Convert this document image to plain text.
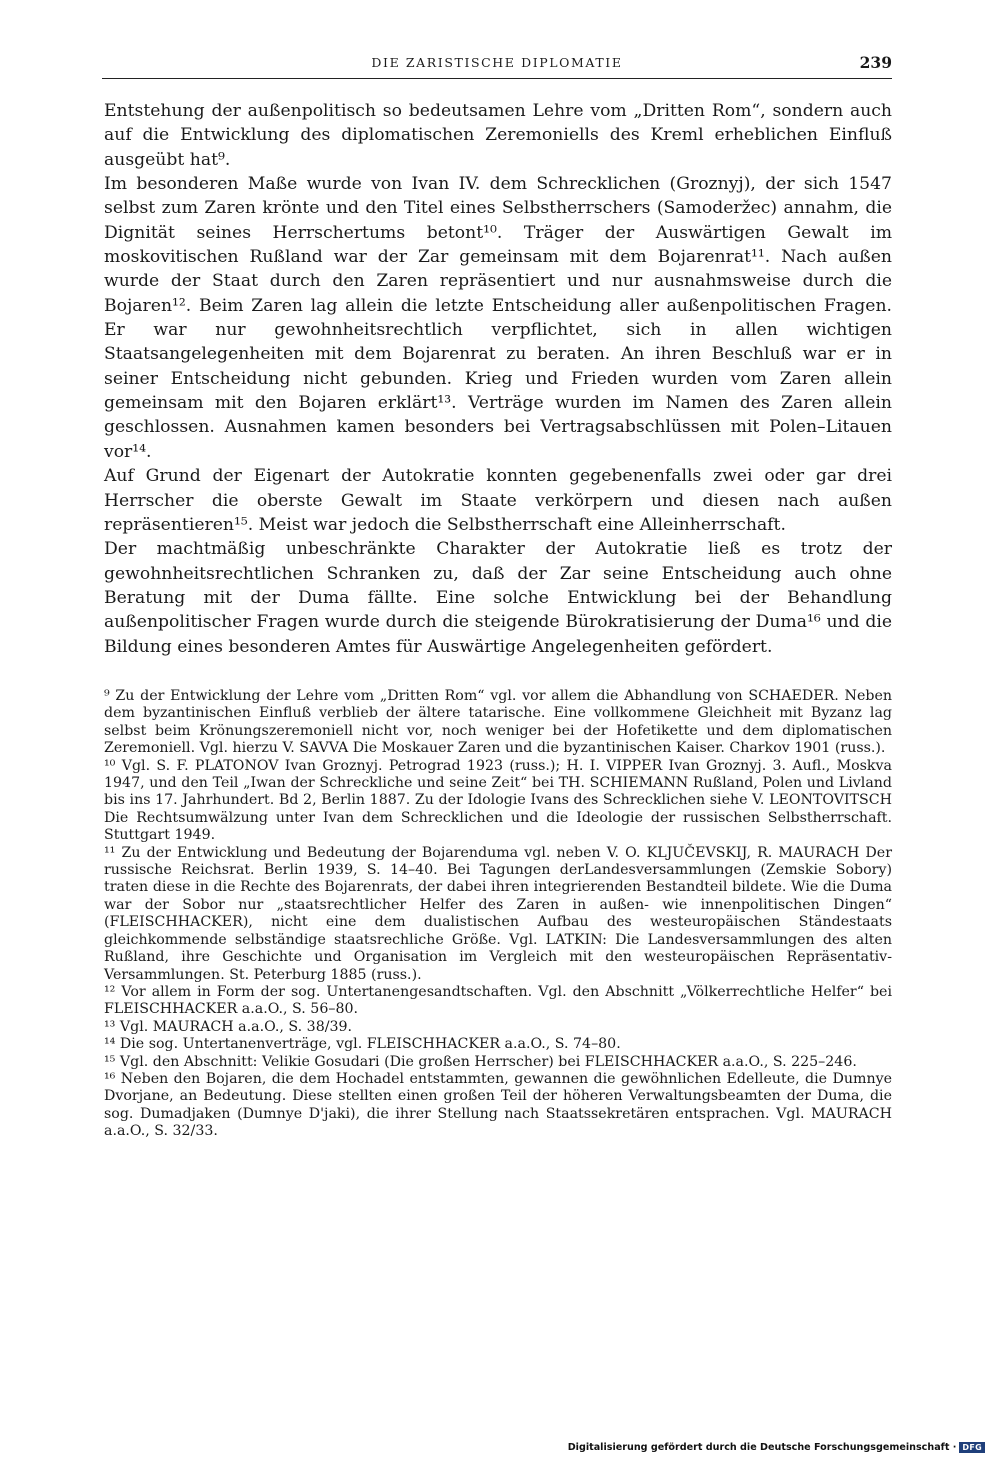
DIE ZARISTISCHE DIPLOMATIE	239

Entstehung der außenpolitisch so bedeutsamen Lehre vom „Dritten Rom“, sondern auch auf die Entwicklung des diplomatischen Zeremoniells des Kreml erheblichen Einfluß ausgeübt hat⁹.

Im besonderen Maße wurde von Ivan IV. dem Schrecklichen (Groznyj), der sich 1547 selbst zum Zaren krönte und den Titel eines Selbstherrschers (Samoderžec) annahm, die Dignität seines Herrschertums betont¹⁰. Träger der Auswärtigen Gewalt im moskovitischen Rußland war der Zar gemeinsam mit dem Bojarenrat¹¹. Nach außen wurde der Staat durch den Zaren repräsentiert und nur ausnahmsweise durch die Bojaren¹². Beim Zaren lag allein die letzte Entscheidung aller außenpolitischen Fragen. Er war nur gewohnheitsrechtlich verpflichtet, sich in allen wichtigen Staatsangelegenheiten mit dem Bojarenrat zu beraten. An ihren Beschluß war er in seiner Entscheidung nicht gebunden. Krieg und Frieden wurden vom Zaren allein gemeinsam mit den Bojaren erklärt¹³. Verträge wurden im Namen des Zaren allein geschlossen. Ausnahmen kamen besonders bei Vertragsabschlüssen mit Polen–Litauen vor¹⁴.

Auf Grund der Eigenart der Autokratie konnten gegebenenfalls zwei oder gar drei Herrscher die oberste Gewalt im Staate verkörpern und diesen nach außen repräsentieren¹⁵. Meist war jedoch die Selbstherrschaft eine Alleinherrschaft.

Der machtmäßig unbeschränkte Charakter der Autokratie ließ es trotz der gewohnheitsrechtlichen Schranken zu, daß der Zar seine Entscheidung auch ohne Beratung mit der Duma fällte. Eine solche Entwicklung bei der Behandlung außenpolitischer Fragen wurde durch die steigende Bürokratisierung der Duma¹⁶ und die Bildung eines besonderen Amtes für Auswärtige Angelegenheiten gefördert.

⁹ Zu der Entwicklung der Lehre vom „Dritten Rom“ vgl. vor allem die Abhandlung von SCHAEDER. Neben dem byzantinischen Einfluß verblieb der ältere tatarische. Eine vollkommene Gleichheit mit Byzanz lag selbst beim Krönungszeremoniell nicht vor, noch weniger bei der Hofetikette und dem diplomatischen Zeremoniell. Vgl. hierzu V. SAVVA Die Moskauer Zaren und die byzantinischen Kaiser. Charkov 1901 (russ.).

¹⁰ Vgl. S. F. PLATONOV Ivan Groznyj. Petrograd 1923 (russ.); H. I. VIPPER Ivan Groznyj. 3. Aufl., Moskva 1947, und den Teil „Iwan der Schreckliche und seine Zeit“ bei TH. SCHIEMANN Rußland, Polen und Livland bis ins 17. Jahrhundert. Bd 2, Berlin 1887. Zu der Idologie Ivans des Schrecklichen siehe V. LEONTOVITSCH Die Rechtsumwälzung unter Ivan dem Schrecklichen und die Ideologie der russischen Selbstherrschaft. Stuttgart 1949.

¹¹ Zu der Entwicklung und Bedeutung der Bojarenduma vgl. neben V. O. KLJUČEVSKIJ, R. MAURACH Der russische Reichsrat. Berlin 1939, S. 14–40. Bei Tagungen derLandesversammlungen (Zemskie Sobory) traten diese in die Rechte des Bojarenrats, der dabei ihren integrierenden Bestandteil bildete. Wie die Duma war der Sobor nur „staatsrechtlicher Helfer des Zaren in außen- wie innenpolitischen Dingen“ (FLEISCHHACKER), nicht eine dem dualistischen Aufbau des westeuropäischen Ständestaats gleichkommende selbständige staatsrechliche Größe. Vgl. LATKIN: Die Landesversammlungen des alten Rußland, ihre Geschichte und Organisation im Vergleich mit den westeuropäischen Repräsentativ-Versammlungen. St. Peterburg 1885 (russ.).

¹² Vor allem in Form der sog. Untertanengesandtschaften. Vgl. den Abschnitt „Völkerrechtliche Helfer“ bei FLEISCHHACKER a.a.O., S. 56–80.

¹³ Vgl. MAURACH a.a.O., S. 38/39.

¹⁴ Die sog. Untertanenverträge, vgl. FLEISCHHACKER a.a.O., S. 74–80.

¹⁵ Vgl. den Abschnitt: Velikie Gosudari (Die großen Herrscher) bei FLEISCHHACKER a.a.O., S. 225–246.

¹⁶ Neben den Bojaren, die dem Hochadel entstammten, gewannen die gewöhnlichen Edelleute, die Dumnye Dvorjane, an Bedeutung. Diese stellten einen großen Teil der höheren Verwaltungsbeamten der Duma, die sog. Dumadjaken (Dumnye D'jaki), die ihrer Stellung nach Staatssekretären entsprachen. Vgl. MAURACH a.a.O., S. 32/33.

Digitalisierung gefördert durch die Deutsche Forschungsgemeinschaft · DFG
